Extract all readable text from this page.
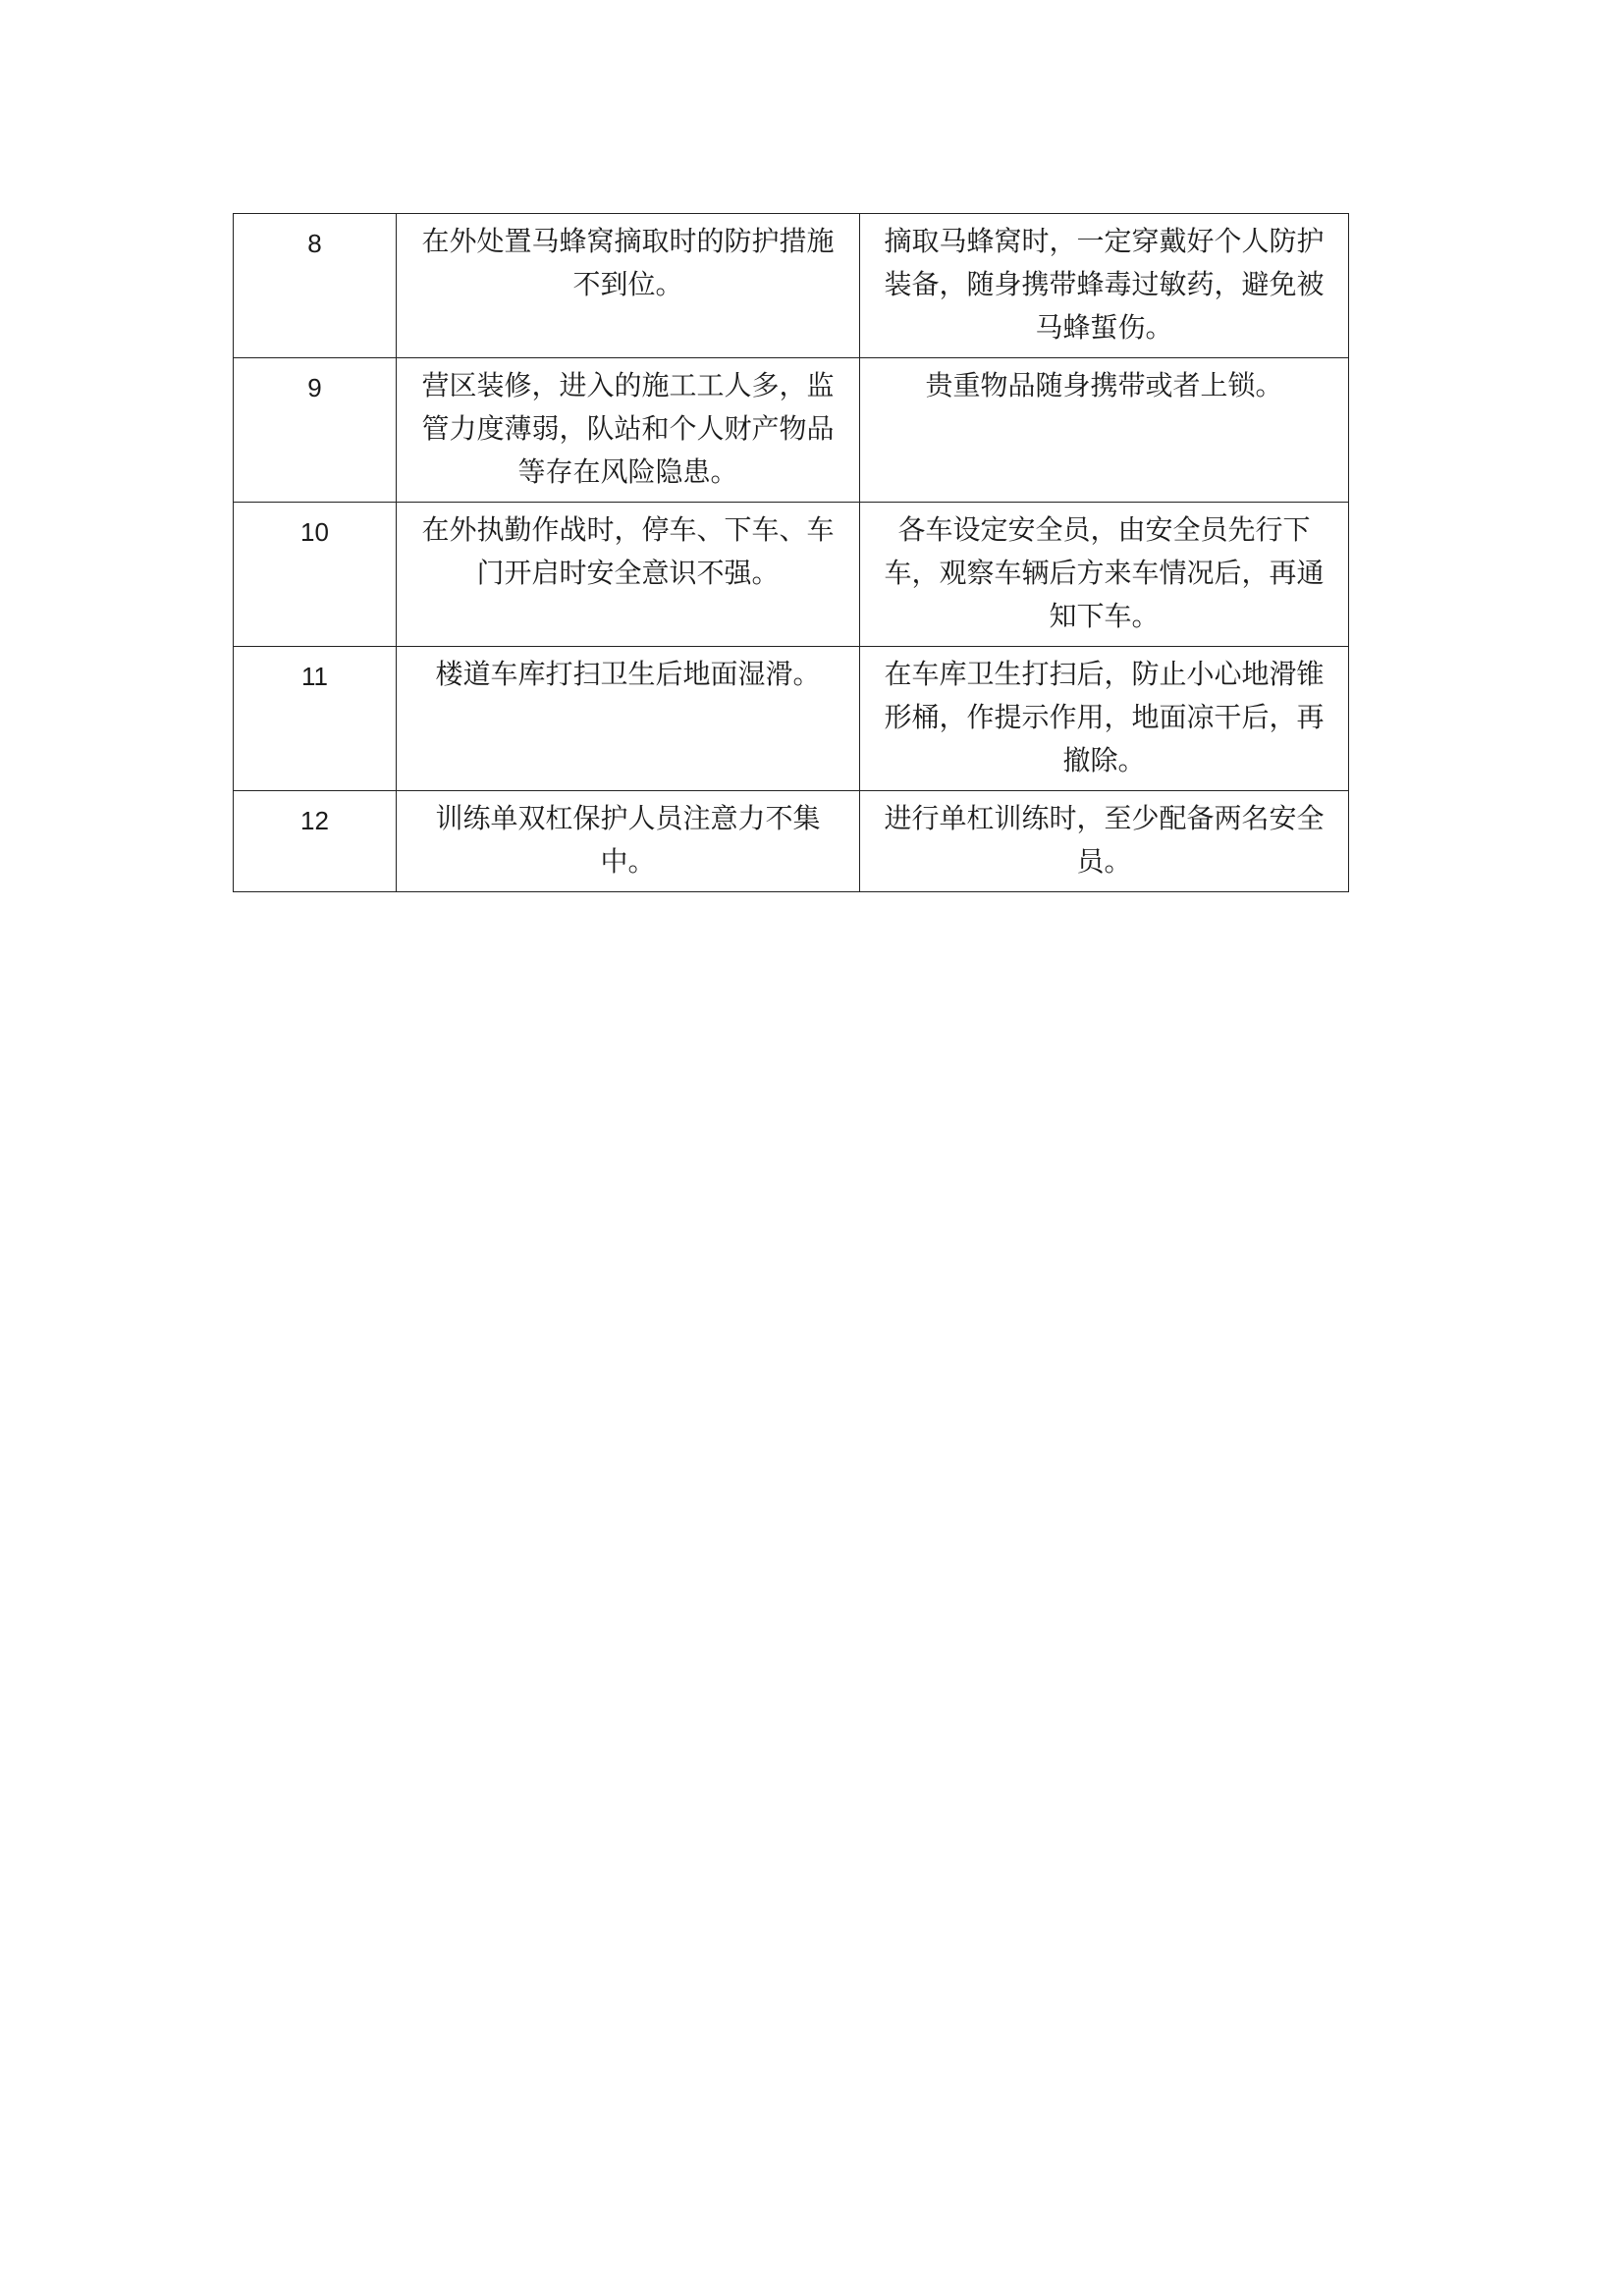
8	在外处置马蜂窝摘取时的防护措施不到位。	摘取马蜂窝时，一定穿戴好个人防护装备，随身携带蜂毒过敏药，避免被马蜂蜇伤。
9	营区装修，进入的施工工人多，监管力度薄弱，队站和个人财产物品等存在风险隐患。	贵重物品随身携带或者上锁。
10	在外执勤作战时，停车、下车、车门开启时安全意识不强。	各车设定安全员，由安全员先行下车，观察车辆后方来车情况后，再通知下车。
11	楼道车库打扫卫生后地面湿滑。	在车库卫生打扫后，防止小心地滑锥形桶，作提示作用，地面凉干后，再撤除。
12	训练单双杠保护人员注意力不集中。	进行单杠训练时，至少配备两名安全员。
